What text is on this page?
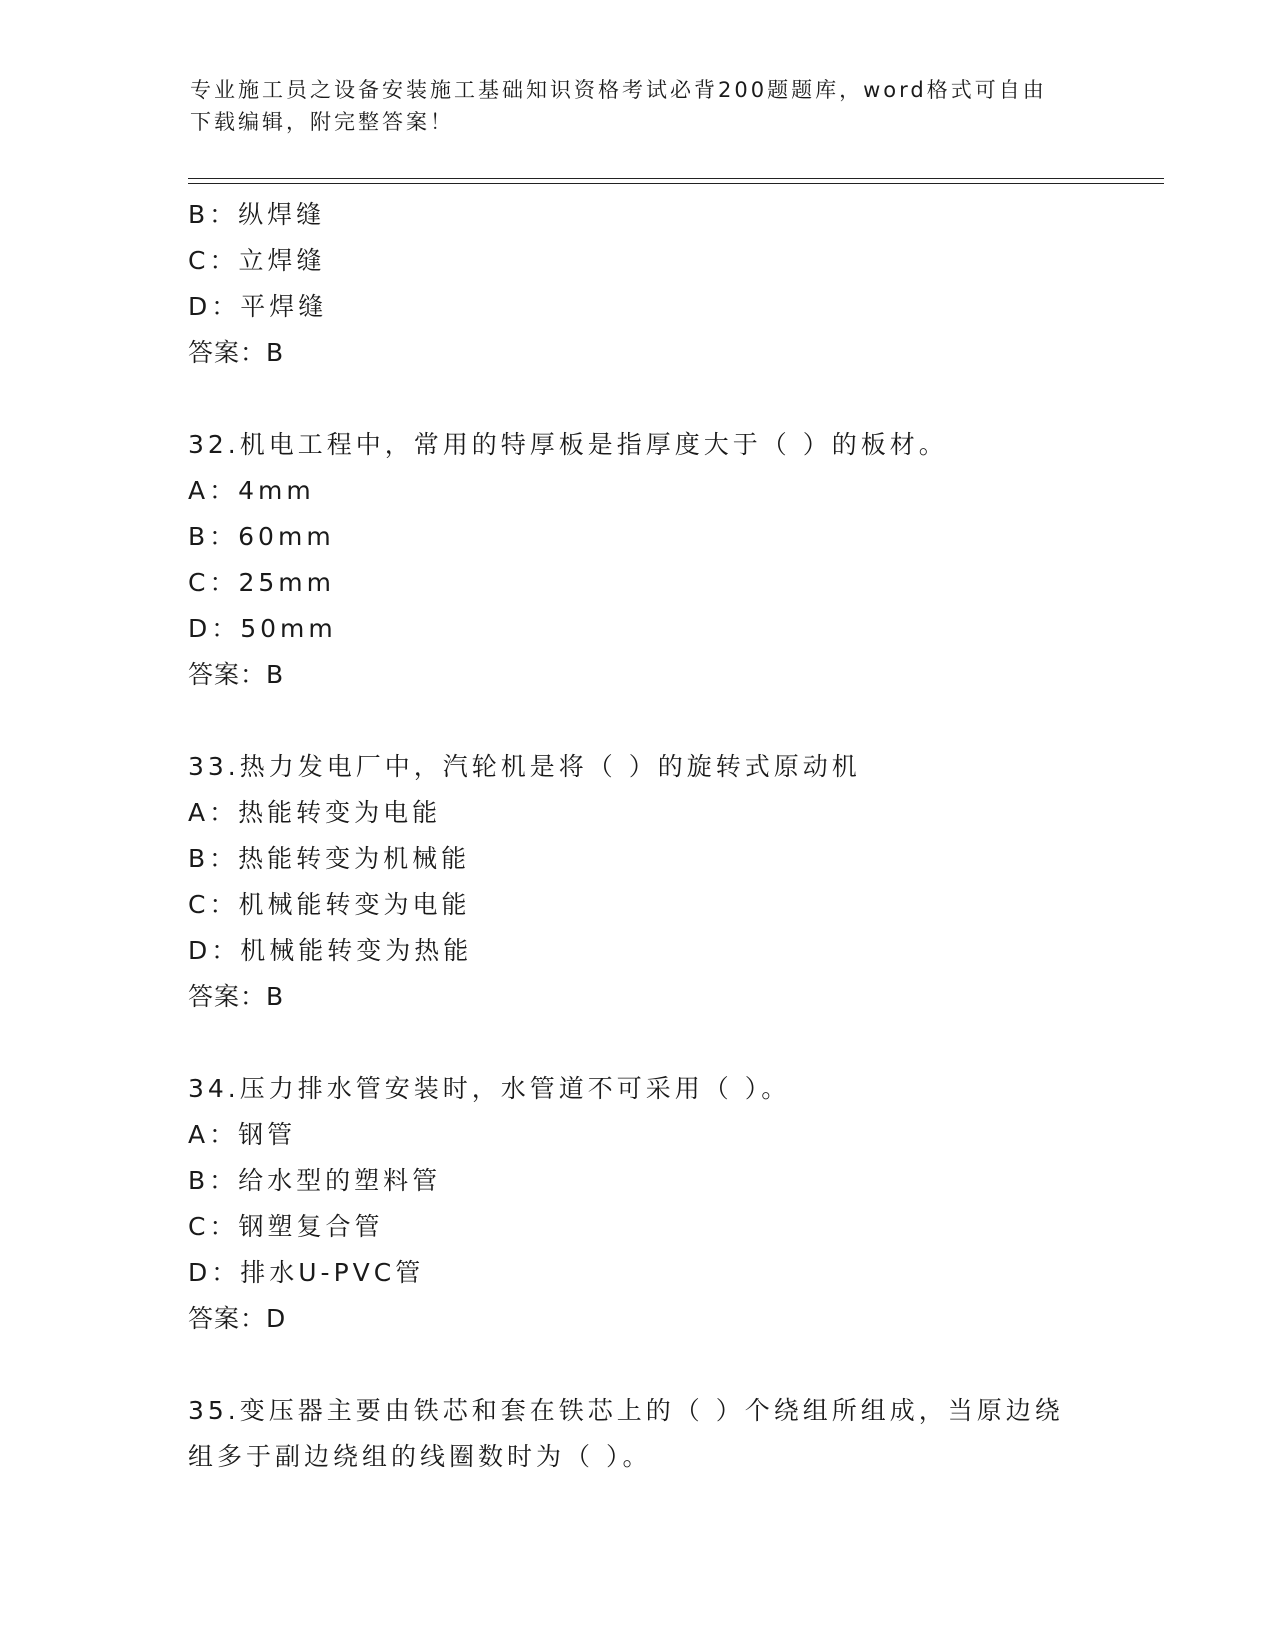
专业施工员之设备安装施工基础知识资格考试必背200题题库，word格式可自由
下载编辑，附完整答案！
B：纵焊缝
C：立焊缝
D：平焊缝
答案：B
32.机电工程中，常用的特厚板是指厚度大于（ ）的板材。
A：4mm
B：60mm
C：25mm
D：50mm
答案：B
33.热力发电厂中，汽轮机是将（ ）的旋转式原动机
A：热能转变为电能
B：热能转变为机械能
C：机械能转变为电能
D：机械能转变为热能
答案：B
34.压力排水管安装时，水管道不可采用（ ）。
A：钢管
B：给水型的塑料管
C：钢塑复合管
D：排水U-PVC管
答案：D
35.变压器主要由铁芯和套在铁芯上的（ ）个绕组所组成，当原边绕
组多于副边绕组的线圈数时为（ ）。
